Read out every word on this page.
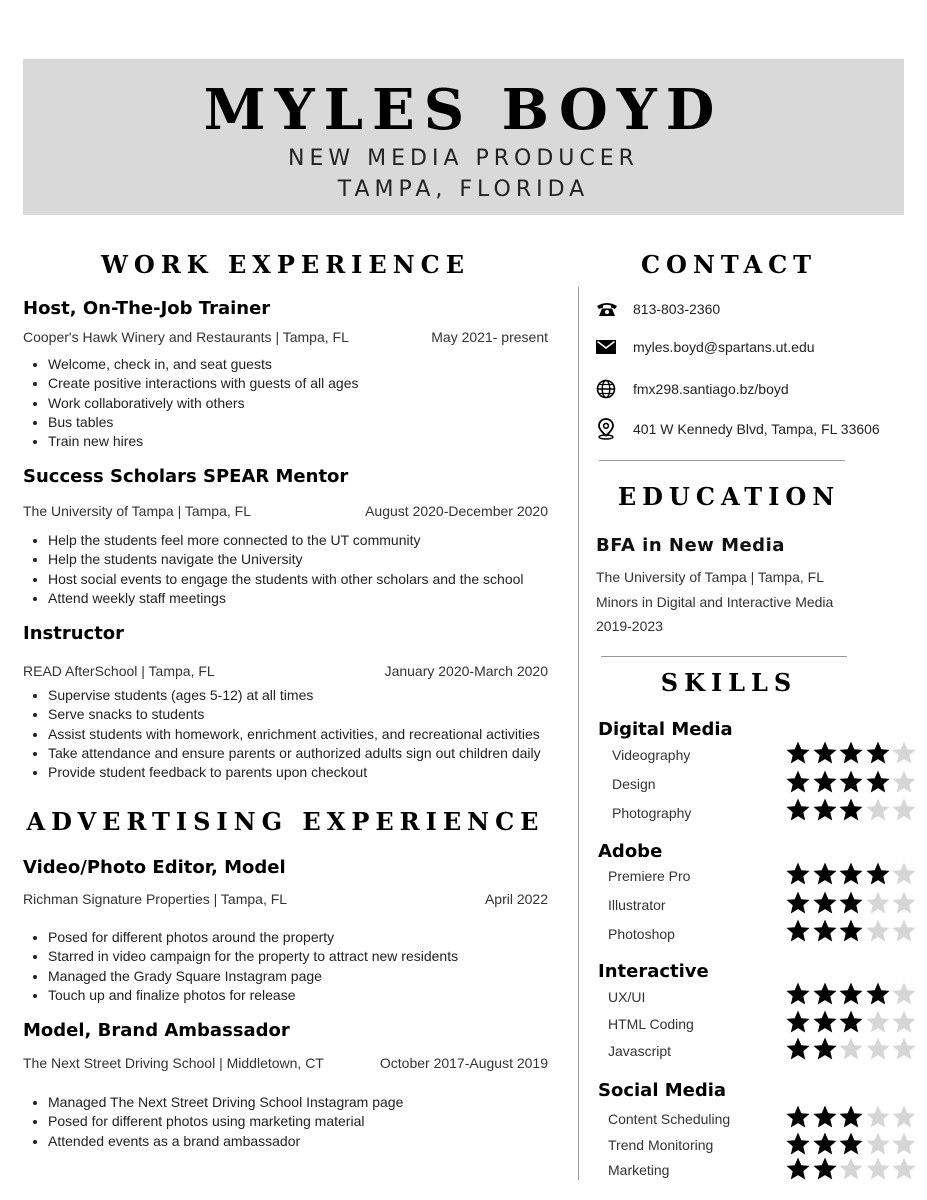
MYLES BOYD
NEW MEDIA PRODUCER
TAMPA, FLORIDA
WORK EXPERIENCE
Host, On-The-Job Trainer
Cooper's Hawk Winery and Restaurants | Tampa, FL	May 2021- present
• Welcome, check in, and seat guests
• Create positive interactions with guests of all ages
• Work collaboratively with others
• Bus tables
• Train new hires
Success Scholars SPEAR Mentor
The University of Tampa | Tampa, FL	August 2020-December 2020
• Help the students feel more connected to the UT community
• Help the students navigate the University
• Host social events to engage the students with other scholars and the school
• Attend weekly staff meetings
Instructor
READ AfterSchool | Tampa, FL	January 2020-March 2020
• Supervise students (ages 5-12) at all times
• Serve snacks to students
• Assist students with homework, enrichment activities, and recreational activities
• Take attendance and ensure parents or authorized adults sign out children daily
• Provide student feedback to parents upon checkout
ADVERTISING EXPERIENCE
Video/Photo Editor, Model
Richman Signature Properties | Tampa, FL	April 2022
• Posed for different photos around the property
• Starred in video campaign for the property to attract new residents
• Managed the Grady Square Instagram page
• Touch up and finalize photos for release
Model, Brand Ambassador
The Next Street Driving School | Middletown, CT	October 2017-August 2019
• Managed The Next Street Driving School Instagram page
• Posed for different photos using marketing material
• Attended events as a brand ambassador
CONTACT
813-803-2360
myles.boyd@spartans.ut.edu
fmx298.santiago.bz/boyd
401 W Kennedy Blvd, Tampa, FL 33606
EDUCATION
BFA in New Media
The University of Tampa | Tampa, FL
Minors in Digital and Interactive Media
2019-2023
SKILLS
Digital Media
Videography
Design
Photography
Adobe
Premiere Pro
Illustrator
Photoshop
Interactive
UX/UI
HTML Coding
Javascript
Social Media
Content Scheduling
Trend Monitoring
Marketing
